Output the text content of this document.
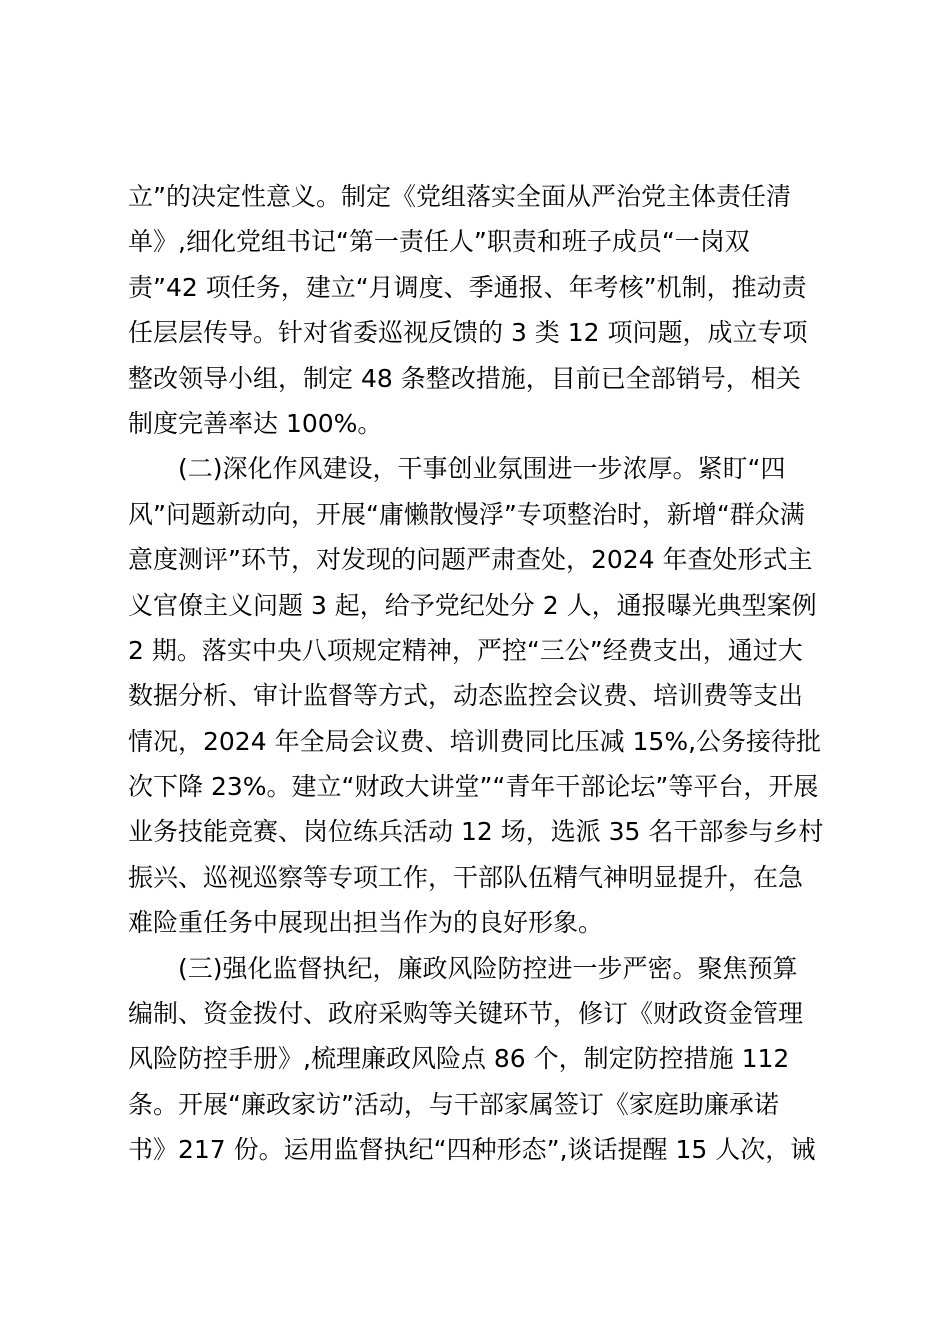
立”的决定性意义。制定《党组落实全面从严治党主体责任清
单》,细化党组书记“第一责任人”职责和班子成员“一岗双
责”42 项任务，建立“月调度、季通报、年考核”机制，推动责
任层层传导。针对省委巡视反馈的 3 类 12 项问题，成立专项
整改领导小组，制定 48 条整改措施，目前已全部销号，相关
制度完善率达 100%。

(二)深化作风建设，干事创业氛围进一步浓厚。紧盯“四
风”问题新动向，开展“庸懒散慢浮”专项整治时，新增“群众满
意度测评”环节，对发现的问题严肃查处，2024 年查处形式主
义官僚主义问题 3 起，给予党纪处分 2 人，通报曝光典型案例
2 期。落实中央八项规定精神，严控“三公”经费支出，通过大
数据分析、审计监督等方式，动态监控会议费、培训费等支出
情况，2024 年全局会议费、培训费同比压减 15%,公务接待批
次下降 23%。建立“财政大讲堂”“青年干部论坛”等平台，开展
业务技能竞赛、岗位练兵活动 12 场，选派 35 名干部参与乡村
振兴、巡视巡察等专项工作，干部队伍精气神明显提升，在急
难险重任务中展现出担当作为的良好形象。

(三)强化监督执纪，廉政风险防控进一步严密。聚焦预算
编制、资金拨付、政府采购等关键环节，修订《财政资金管理
风险防控手册》,梳理廉政风险点 86 个，制定防控措施 112
条。开展“廉政家访”活动，与干部家属签订《家庭助廉承诺
书》217 份。运用监督执纪“四种形态”,谈话提醒 15 人次，诫
